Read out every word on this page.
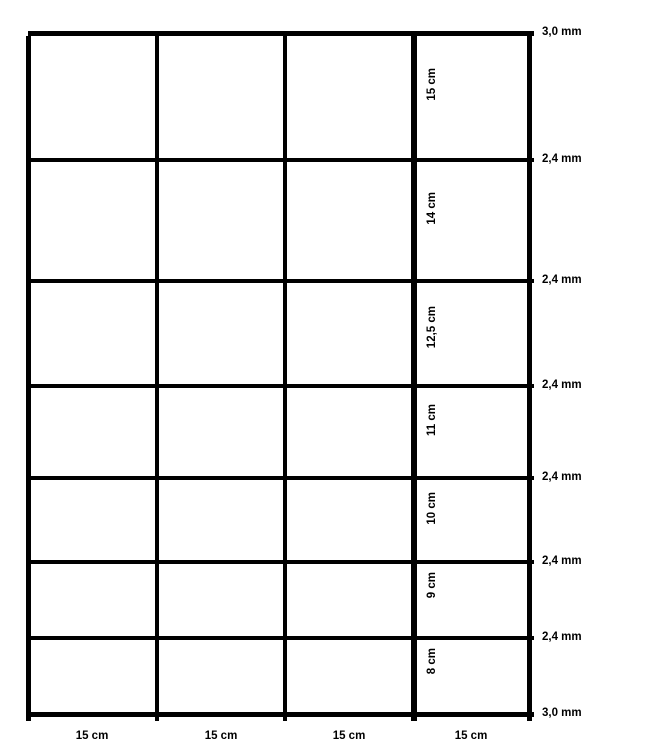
3,0 mm
2,4 mm
2,4 mm
2,4 mm
2,4 mm
2,4 mm
2,4 mm
3,0 mm
15 cm
14 cm
12,5 cm
11 cm
10 cm
9 cm
8 cm
15 cm	15 cm	15 cm	15 cm
